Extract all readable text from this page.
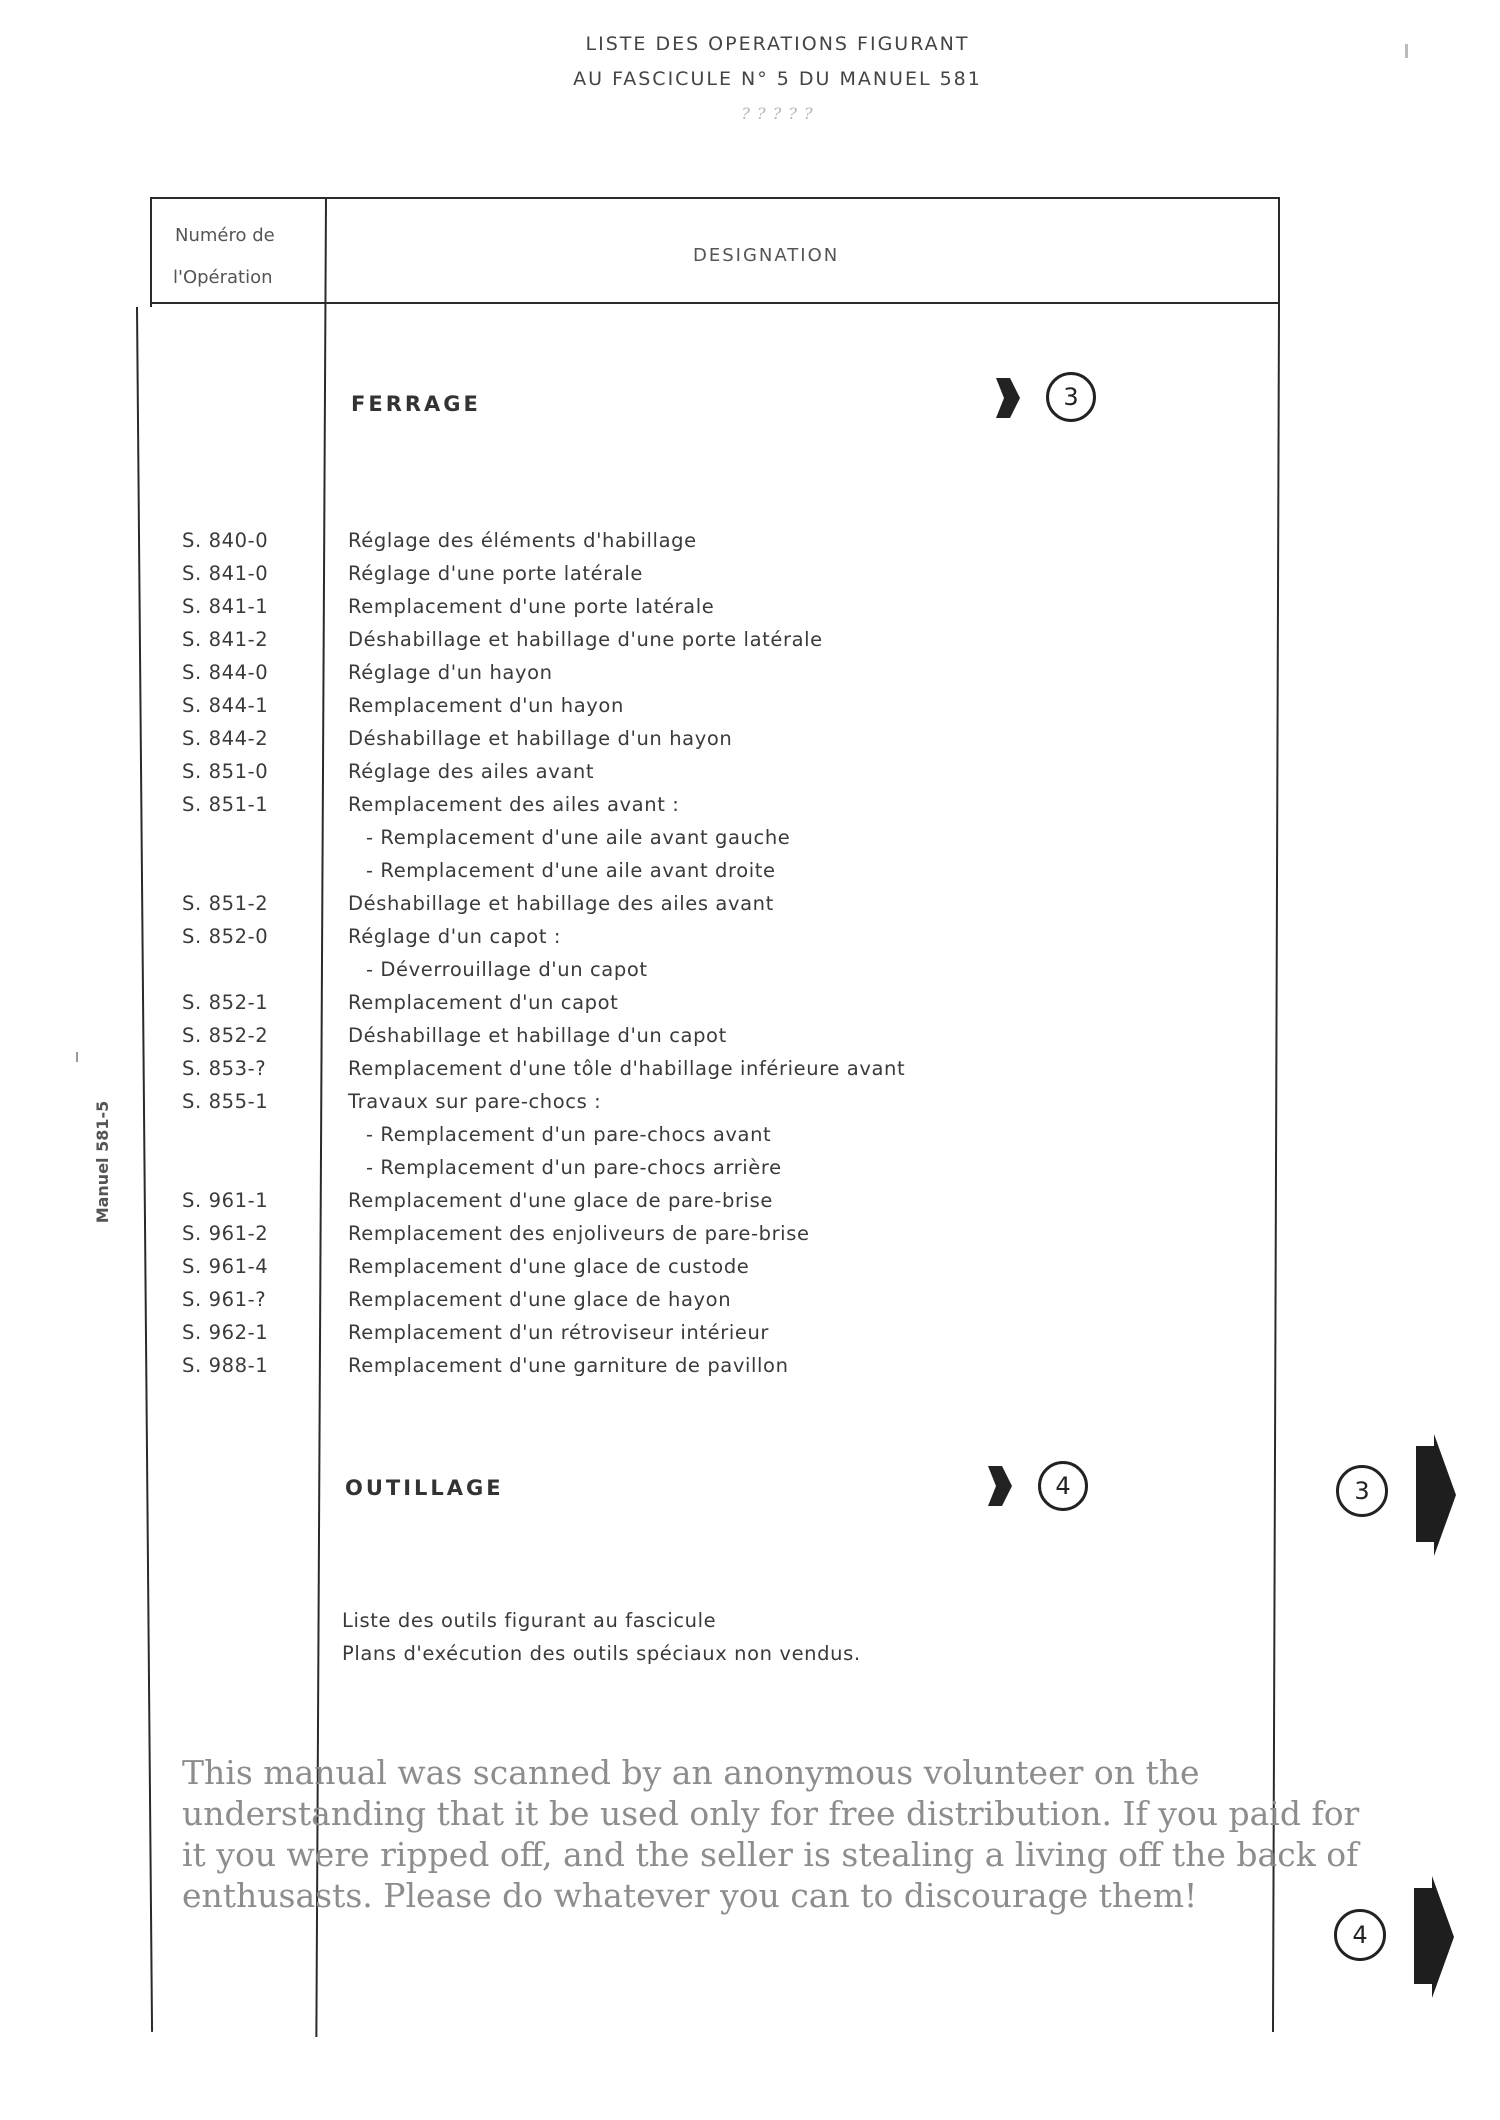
LISTE DES OPERATIONS FIGURANT
AU FASCICULE N° 5 DU MANUEL 581
? ? ? ? ?
Numéro de
l'Opération
DESIGNATION
FERRAGE	3
S. 840-0	Réglage des éléments d'habillage
S. 841-0	Réglage d'une porte latérale
S. 841-1	Remplacement d'une porte latérale
S. 841-2	Déshabillage et habillage d'une porte latérale
S. 844-0	Réglage d'un hayon
S. 844-1	Remplacement d'un hayon
S. 844-2	Déshabillage et habillage d'un hayon
S. 851-0	Réglage des ailes avant
S. 851-1	Remplacement des ailes avant :
- Remplacement d'une aile avant gauche
- Remplacement d'une aile avant droite
S. 851-2	Déshabillage et habillage des ailes avant
S. 852-0	Réglage d'un capot :
- Déverrouillage d'un capot
S. 852-1	Remplacement d'un capot
S. 852-2	Déshabillage et habillage d'un capot
S. 853-?	Remplacement d'une tôle d'habillage inférieure avant
S. 855-1	Travaux sur pare-chocs :
- Remplacement d'un pare-chocs avant
- Remplacement d'un pare-chocs arrière
S. 961-1	Remplacement d'une glace de pare-brise
S. 961-2	Remplacement des enjoliveurs de pare-brise
S. 961-4	Remplacement d'une glace de custode
S. 961-?	Remplacement d'une glace de hayon
S. 962-1	Remplacement d'un rétroviseur intérieur
S. 988-1	Remplacement d'une garniture de pavillon
OUTILLAGE	4
Liste des outils figurant au fascicule
Plans d'exécution des outils spéciaux non vendus.
3
4
Manuel 581-5
This manual was scanned by an anonymous volunteer on the
understanding that it be used only for free distribution. If you paid for
it you were ripped off, and the seller is stealing a living off the back of
enthusasts. Please do whatever you can to discourage them!
